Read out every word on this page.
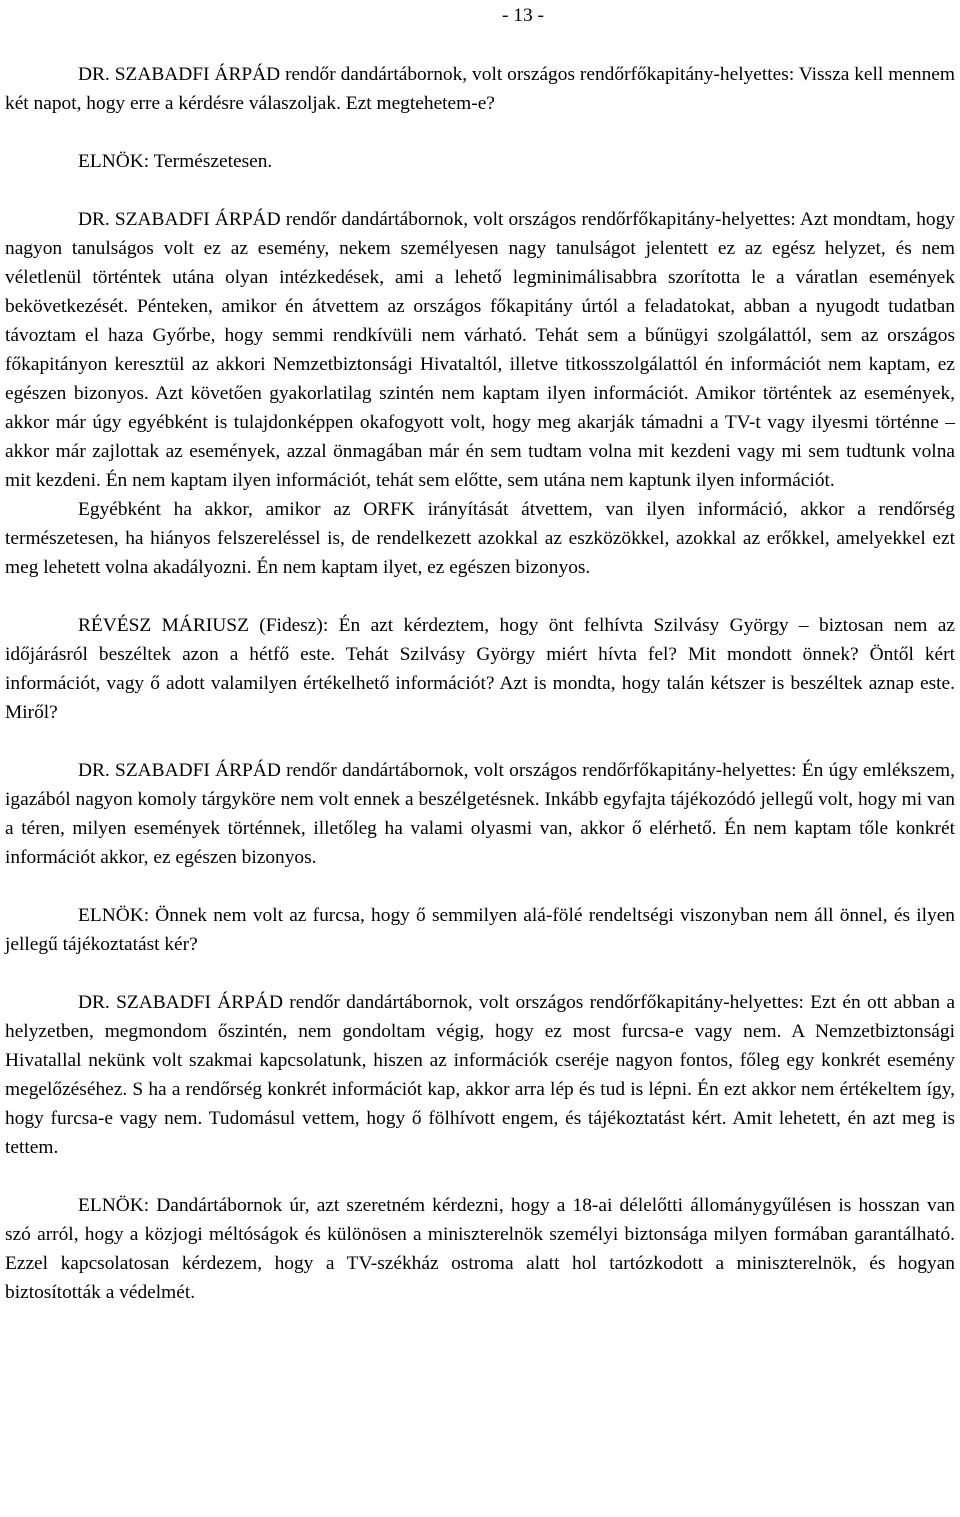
- 13 -

DR. SZABADFI ÁRPÁD rendőr dandártábornok, volt országos rendőrfőkapitány-helyettes: Vissza kell mennem két napot, hogy erre a kérdésre válaszoljak. Ezt megtehetem-e?

ELNÖK: Természetesen.

DR. SZABADFI ÁRPÁD rendőr dandártábornok, volt országos rendőrfőkapitány-helyettes: Azt mondtam, hogy nagyon tanulságos volt ez az esemény, nekem személyesen nagy tanulságot jelentett ez az egész helyzet, és nem véletlenül történtek utána olyan intézkedések, ami a lehető legminimálisabbra szorította le a váratlan események bekövetkezését. Pénteken, amikor én átvettem az országos főkapitány úrtól a feladatokat, abban a nyugodt tudatban távoztam el haza Győrbe, hogy semmi rendkívüli nem várható. Tehát sem a bűnügyi szolgálattól, sem az országos főkapitányon keresztül az akkori Nemzetbiztonsági Hivataltól, illetve titkosszolgálattól én információt nem kaptam, ez egészen bizonyos. Azt követően gyakorlatilag szintén nem kaptam ilyen információt. Amikor történtek az események, akkor már úgy egyébként is tulajdonképpen okafogyott volt, hogy meg akarják támadni a TV-t vagy ilyesmi történne – akkor már zajlottak az események, azzal önmagában már én sem tudtam volna mit kezdeni vagy mi sem tudtunk volna mit kezdeni. Én nem kaptam ilyen információt, tehát sem előtte, sem utána nem kaptunk ilyen információt.

Egyébként ha akkor, amikor az ORFK irányítását átvettem, van ilyen információ, akkor a rendőrség természetesen, ha hiányos felszereléssel is, de rendelkezett azokkal az eszközökkel, azokkal az erőkkel, amelyekkel ezt meg lehetett volna akadályozni. Én nem kaptam ilyet, ez egészen bizonyos.

RÉVÉSZ MÁRIUSZ (Fidesz): Én azt kérdeztem, hogy önt felhívta Szilvásy György – biztosan nem az időjárásról beszéltek azon a hétfő este. Tehát Szilvásy György miért hívta fel? Mit mondott önnek? Öntől kért információt, vagy ő adott valamilyen értékelhető információt? Azt is mondta, hogy talán kétszer is beszéltek aznap este. Miről?

DR. SZABADFI ÁRPÁD rendőr dandártábornok, volt országos rendőrfőkapitány-helyettes: Én úgy emlékszem, igazából nagyon komoly tárgyköre nem volt ennek a beszélgetésnek. Inkább egyfajta tájékozódó jellegű volt, hogy mi van a téren, milyen események történnek, illetőleg ha valami olyasmi van, akkor ő elérhető. Én nem kaptam tőle konkrét információt akkor, ez egészen bizonyos.

ELNÖK: Önnek nem volt az furcsa, hogy ő semmilyen alá-fölé rendeltségi viszonyban nem áll önnel, és ilyen jellegű tájékoztatást kér?

DR. SZABADFI ÁRPÁD rendőr dandártábornok, volt országos rendőrfőkapitány-helyettes: Ezt én ott abban a helyzetben, megmondom őszintén, nem gondoltam végig, hogy ez most furcsa-e vagy nem. A Nemzetbiztonsági Hivatallal nekünk volt szakmai kapcsolatunk, hiszen az információk cseréje nagyon fontos, főleg egy konkrét esemény megelőzéséhez. S ha a rendőrség konkrét információt kap, akkor arra lép és tud is lépni. Én ezt akkor nem értékeltem így, hogy furcsa-e vagy nem. Tudomásul vettem, hogy ő fölhívott engem, és tájékoztatást kért. Amit lehetett, én azt meg is tettem.

ELNÖK: Dandártábornok úr, azt szeretném kérdezni, hogy a 18-ai délelőtti állománygyűlésen is hosszan van szó arról, hogy a közjogi méltóságok és különösen a miniszterelnök személyi biztonsága milyen formában garantálható. Ezzel kapcsolatosan kérdezem, hogy a TV-székház ostroma alatt hol tartózkodott a miniszterelnök, és hogyan biztosították a védelmét.
